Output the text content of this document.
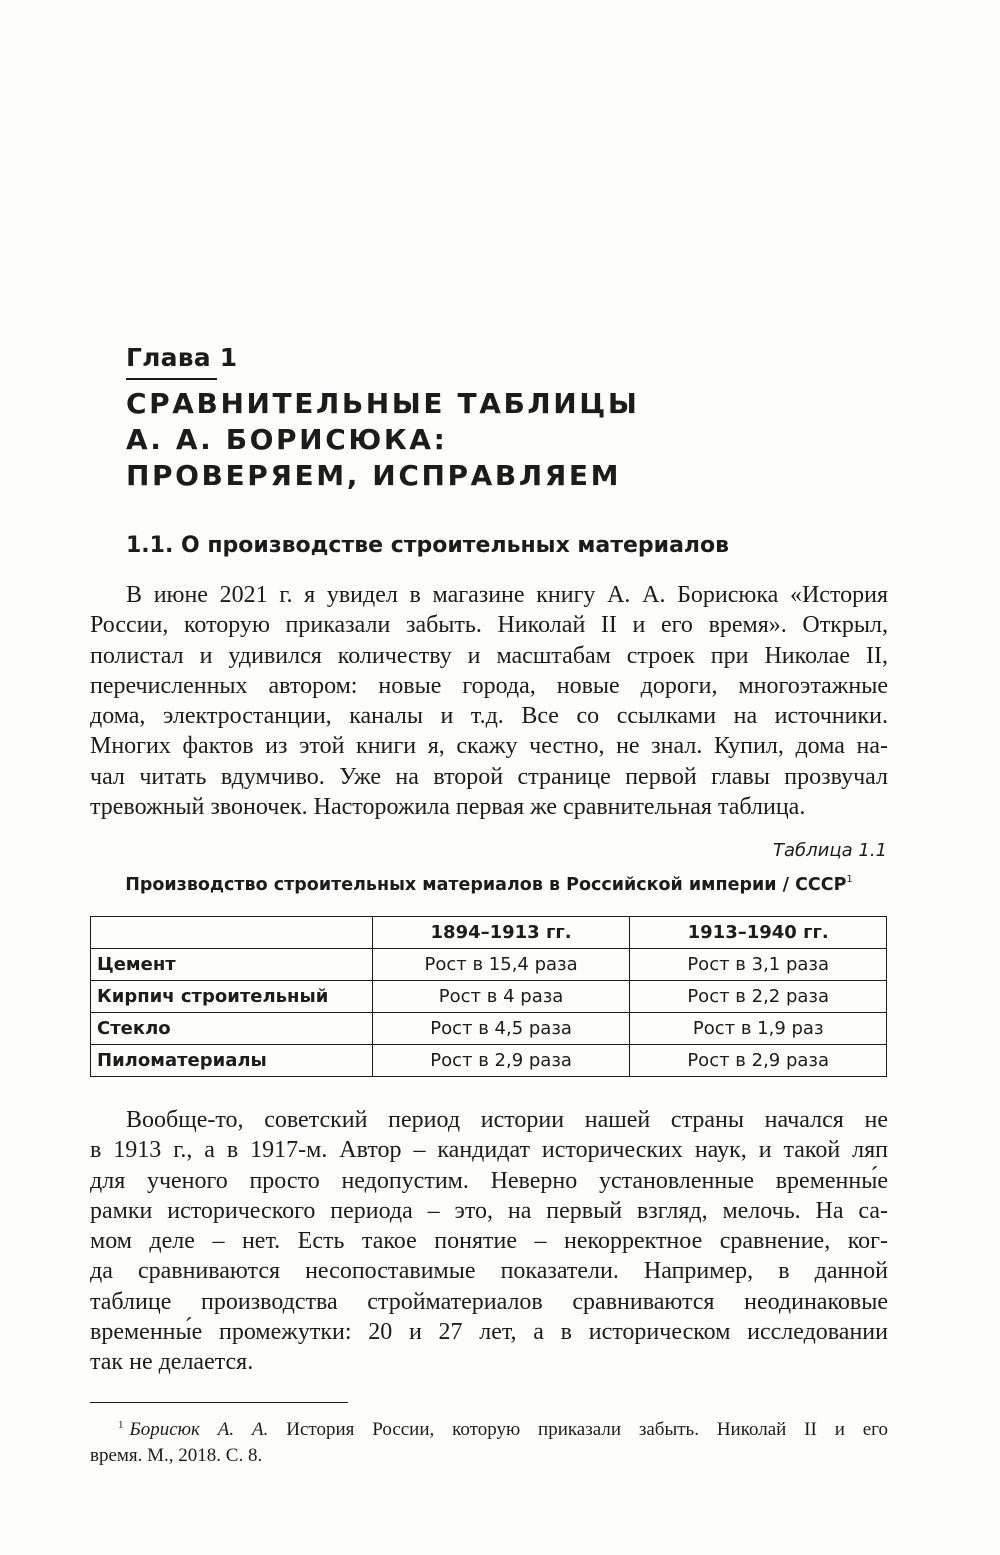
Глава 1
СРАВНИТЕЛЬНЫЕ ТАБЛИЦЫ
А. А. БОРИСЮКА:
ПРОВЕРЯЕМ, ИСПРАВЛЯЕМ
1.1. О производстве строительных материалов
В июне 2021 г. я увидел в магазине книгу А. А. Борисюка «История
России, которую приказали забыть. Николай II и его время». Открыл,
полистал и удивился количеству и масштабам строек при Николае II,
перечисленных автором: новые города, новые дороги, многоэтажные
дома, электростанции, каналы и т.д. Все со ссылками на источники.
Многих фактов из этой книги я, скажу честно, не знал. Купил, дома на-
чал читать вдумчиво. Уже на второй странице первой главы прозвучал
тревожный звоночек. Насторожила первая же сравнительная таблица.
Таблица 1.1
Производство строительных материалов в Российской империи / СССР$^1$
	1894–1913 гг.	1913–1940 гг.
Цемент	Рост в 15,4 раза	Рост в 3,1 раза
Кирпич строительный	Рост в 4 раза	Рост в 2,2 раза
Стекло	Рост в 4,5 раза	Рост в 1,9 раз
Пиломатериалы	Рост в 2,9 раза	Рост в 2,9 раза
Вообще-то, советский период истории нашей страны начался не
в 1913 г., а в 1917-м. Автор – кандидат исторических наук, и такой ляп
для ученого просто недопустим. Неверно установленные временны́е
рамки исторического периода – это, на первый взгляд, мелочь. На са-
мом деле – нет. Есть такое понятие – некорректное сравнение, ког-
да сравниваются несопоставимые показатели. Например, в данной
таблице производства стройматериалов сравниваются неодинаковые
временны́е промежутки: 20 и 27 лет, а в историческом исследовании
так не делается.
$^1$ Борисюк А. А. История России, которую приказали забыть. Николай II и его
время. М., 2018. С. 8.
